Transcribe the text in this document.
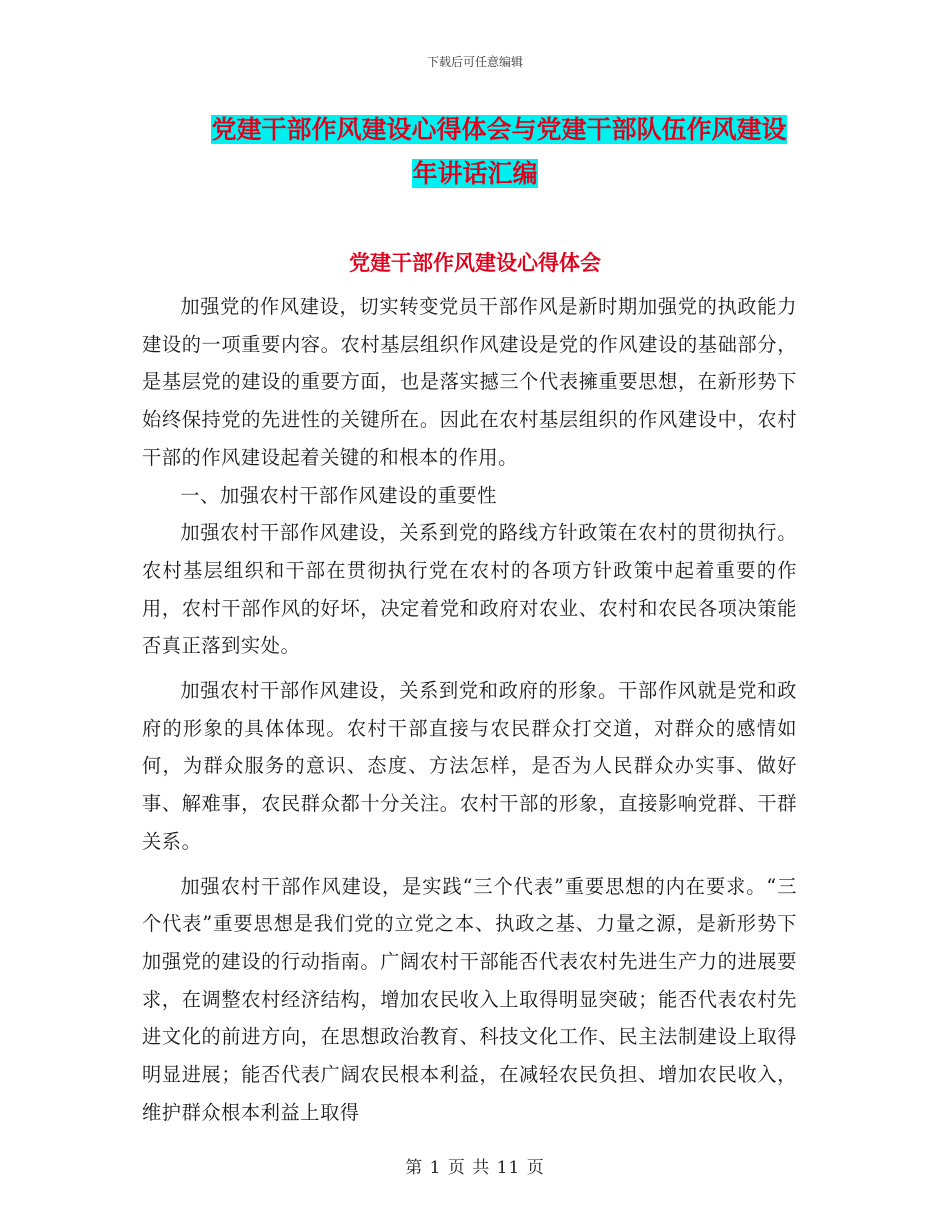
下载后可任意编辑
党建干部作风建设心得体会与党建干部队伍作风建设
年讲话汇编
党建干部作风建设心得体会

加强党的作风建设，切实转变党员干部作风是新时期加强党的执政能力建设的一项重要内容。农村基层组织作风建设是党的作风建设的基础部分，是基层党的建设的重要方面，也是落实撼三个代表擁重要思想，在新形势下始终保持党的先进性的关键所在。因此在农村基层组织的作风建设中，农村干部的作风建设起着关键的和根本的作用。

一、加强农村干部作风建设的重要性

加强农村干部作风建设，关系到党的路线方针政策在农村的贯彻执行。农村基层组织和干部在贯彻执行党在农村的各项方针政策中起着重要的作用，农村干部作风的好坏，决定着党和政府对农业、农村和农民各项决策能否真正落到实处。

加强农村干部作风建设，关系到党和政府的形象。干部作风就是党和政府的形象的具体体现。农村干部直接与农民群众打交道，对群众的感情如何，为群众服务的意识、态度、方法怎样，是否为人民群众办实事、做好事、解难事，农民群众都十分关注。农村干部的形象，直接影响党群、干群关系。

加强农村干部作风建设，是实践“三个代表”重要思想的内在要求。“三个代表”重要思想是我们党的立党之本、执政之基、力量之源，是新形势下加强党的建设的行动指南。广阔农村干部能否代表农村先进生产力的进展要求，在调整农村经济结构，增加农民收入上取得明显突破；能否代表农村先进文化的前进方向，在思想政治教育、科技文化工作、民主法制建设上取得明显进展；能否代表广阔农民根本利益，在减轻农民负担、增加农民收入，维护群众根本利益上取得

第 1 页 共 11 页
